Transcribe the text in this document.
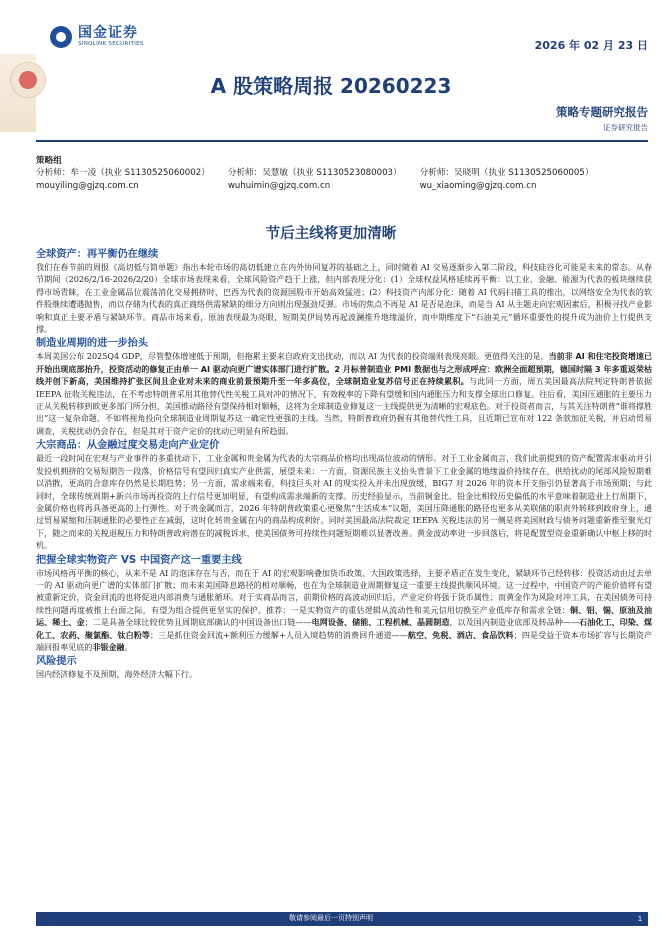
国金证券
SINOLINK SECURITIES	2026 年 02 月 23 日
A 股策略周报 20260223
策略专题研究报告
证券研究报告
策略组
分析师：牟一凌（执业 S1130525060002）
mouyiling@gjzq.com.cn
分析师：吴慧敏（执业 S1130523080003）
wuhuimin@gjzq.com.cn
分析师：吴晓明（执业 S1130525060005）
wu_xiaoming@gjzq.com.cn
节后主线将更加清晰
全球资产：再平衡仍在继续
我们在春节前的周报《高切低与简单题》指出本轮市场的高切低建立在内外协同复苏的基础之上，同时随着 AI 交易逐渐步入第二阶段，科技硅谷化可能是未来的常态。从春节期间（2026/2/16-2026/2/20）全球市场表现来看，全球风险资产趋于上涨，但内部表现分化：(1）全球权益风格延续再平衡：以工业、金融、能源为代表的板块继续获得市场青睐，在工业金属品位震荡消化交易拥挤时，巴西为代表的资源国股市开始高效猛进；(2）科技资产内部分化：随着 AI 代码扫描工具的推出，以网络安全为代表的软件股继续遭遇抛售，而以存储为代表的真正商络供需紧缺的细分方向则出现强劲反弹。市场的焦点不再是 AI 是否是泡沫，而是当 AI 从主题走向宏观因素后，积极寻找产业影响和真正主要矛盾与紧缺环节。商品市场来看，原油表现最为亮眼，短期美伊局势再起波澜推升地缘溢价，而中期维度下“石油美元”循环重要性的提升成为油价上行提供支撑。
制造业周期的进一步抬头
本周美国公布 2025Q4 GDP，尽管整体增速低于预期，但拖累主要来自政府支出扰动，而以 AI 为代表的投资端则表现亮眼。更值得关注的是，当前非 AI 和住宅投资增速已开始出现底部抬升，投资活动的修复正由单一 AI 驱动向更广谱实体部门进行扩散。2 月标普制造业 PMI 数据也与之形成呼应：欧洲全面超预期，德国时隔 3 年多重返荣枯线并创下新高，美国维持扩张区间且企业对未来的商业前景预期升至一年多高位，全球制造业复苏信号正在持续累积。与此同一方面，周五美国最高法院判定特朗普依据 IEEPA 征收关税违法，在不考虑特朗普采用其他替代性关税工具对冲的情况下，有效税率的下降有望缓和国内通胀压力和支撑全球出口修复。往后看，美国压通胀的主要压力正从关税转移到欧更多部门所分担，美国推动路径有望保持相对顺畅，这将为全球制造业修复这一主线提供更为清晰的宏观底色。对于投资者而言，与其关注特朗普“谁将撑胜出”这一复杂命题，不如将视角投向全球制造业周期复苏这一确定性更强的主线。当然，特朗普政府仍握有其他替代性工具，且近期已宣布对 122 条款加征关税，并启动贸易调查，关税扰动仍会存在，但是其对于资产定价的扰动已明显有所趋弱。
大宗商品：从金融过度交易走向产业定价
最近一段时间在宏观与产业事件的多重扰动下，工业金属和贵金属为代表的大宗商品价格均出现高位波动的情形。对于工业金属而言，我们此前提到的资产配置需求驱动并引发投机拥挤的交易短期告一段落，价格信号有望回归真实产业供需，展望未来：一方面，资源民族主义抬头背景下工业金属的地缘溢价持续存在，供给扰动的尾部风险短期难以消散，更高的合意库存仍然是长期趋势；另一方面，需求端来看，科技巨头对 AI 的现实投入并未出现放缓，BIG7 对 2026 年的资本开支指引仍显著高于市场预期；与此同时，全球传统周期+新兴市场再投资的上行信号更加明显，有望构成需求端新的支撑。历史经验显示，当前铜金比、铅金比相较历史偏低的水平意味着制造业上行周期下，金属价格也将再具备更高的上行弹性。对于贵金属而言，2026 年特朗普政策重心更聚焦“生活成本”议题，美国压降通胀的路径也更多从美联储的职责外转移到政府身上，通过贸易紧缩和压制通胀的必要性正在减弱，这时化转贵金属在内的商品构成利好。同时美国最高法院裁定 IEEPA 关税违法的另一侧是将美国财政与债务问题重新推至聚光灯下，随之而来的关税退税压力和特朗普政府潜在的减税诉求，使美国债务可持续性问题短期难以显著改善。黄金波动率进一步回落后，将是配置型资金重新确认中枢上移的时机。
把握全球实物资产 VS 中国资产这一重要主线
市场风格再平衡的核心，从来不是 AI 的泡沫存在与否，而在于 AI 的宏观影响叠加货币政策、大国政策选择，主要矛盾正在发生变化，紧缺环节已经转移：投资活动由过去单一的 AI 驱动向更广谱的实体部门扩散；而未来美国降息路径的相对顺畅，也在为全球制造业周期修复这一重要主线提供顺风环境。这一过程中，中国资产的产能价值将有望被重新定价，资金回流的也将促进内部消费与通胀循环。对于实商品而言，前期价格的高波动回归后，产业定价将强于货币属性；而黄金作为风险对冲工具，在美国债务可持续性问题再度被推上台面之际，有望为组合提供更坚实的保护。推荐：一是实物资产的重估逻辑从流动性和美元信用切换至产业低库存和需求全链：铜、铝、锡、原油及油运、稀土、金；二是具备全球比较优势且周期底部确认的中国设备出口链——电网设备、储能、工程机械、晶圆制造，以及国内制造业底部及转品种——石油化工、印染、煤化工、农药、聚氯酯、钛白粉等；三是抓住资金回流+额利压力缓解+人员入境趋势的消费回升通道——航空、免税、酒店、食品饮料；四是受益于资本市场扩容与长期资产端回报率见底的非银金融。
风险提示
国内经济修复不及预期，海外经济大幅下行。
敬请参阅最后一页特别声明	1
